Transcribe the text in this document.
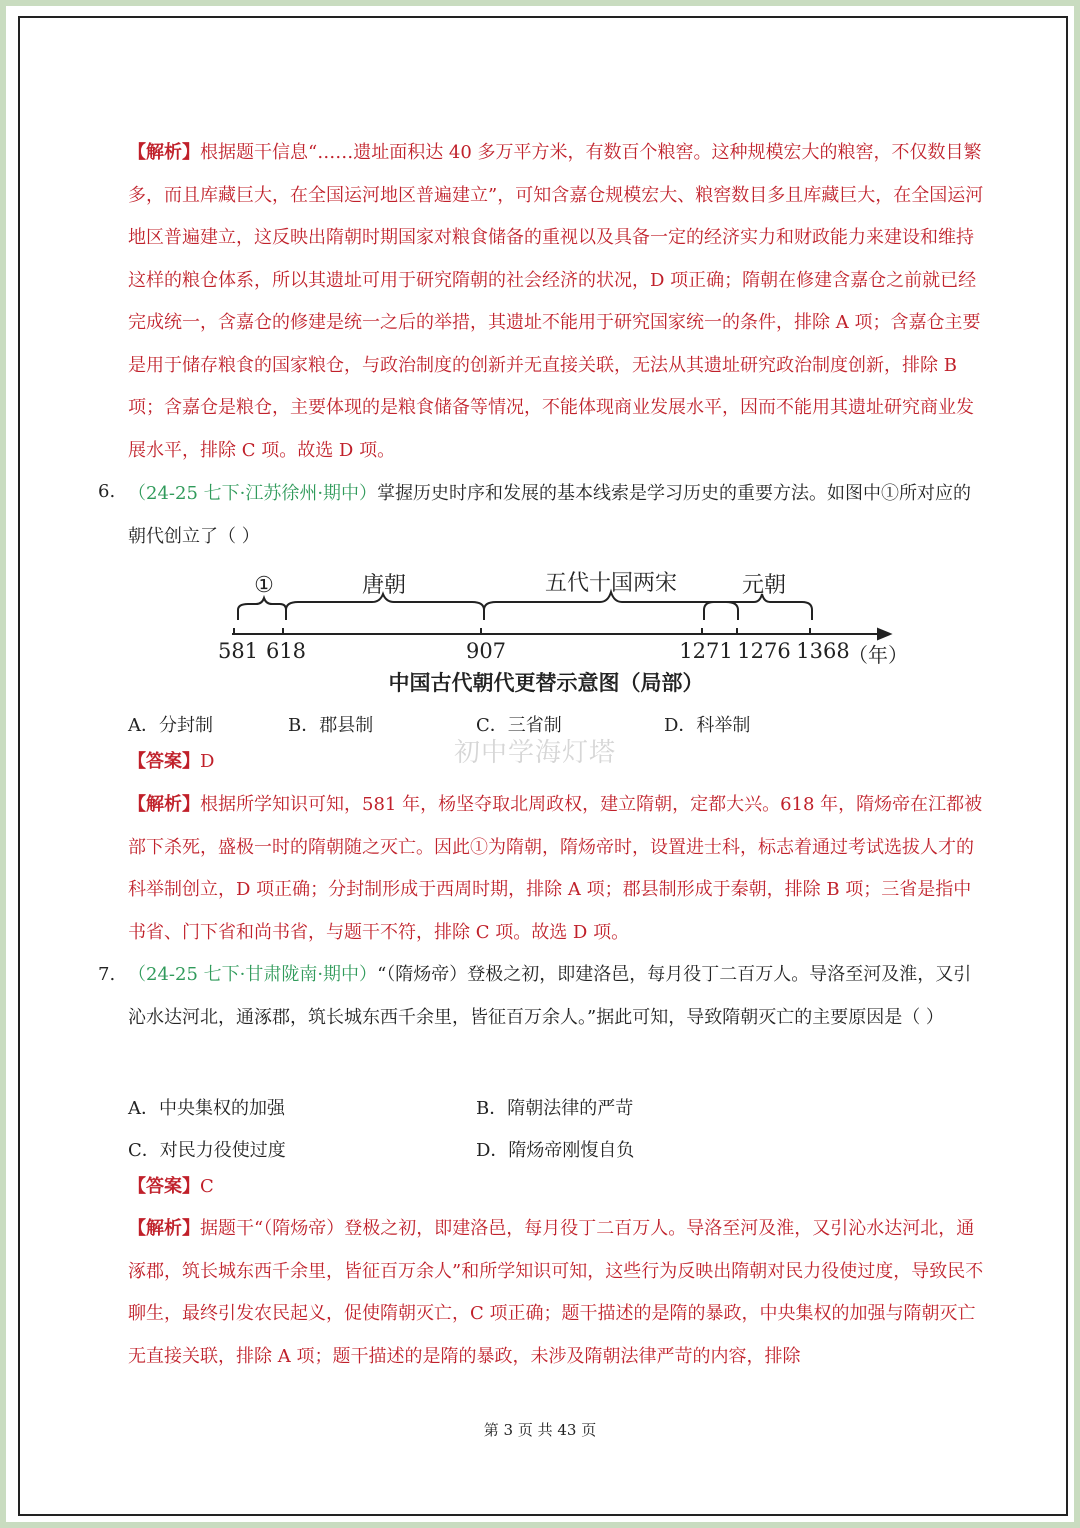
【解析】根据题干信息“……遗址面积达 40 多万平方米，有数百个粮窖。这种规模宏大的粮窖，不仅数目繁多，而且库藏巨大，在全国运河地区普遍建立”，可知含嘉仓规模宏大、粮窖数目多且库藏巨大，在全国运河地区普遍建立，这反映出隋朝时期国家对粮食储备的重视以及具备一定的经济实力和财政能力来建设和维持这样的粮仓体系，所以其遗址可用于研究隋朝的社会经济的状况，D 项正确；隋朝在修建含嘉仓之前就已经完成统一，含嘉仓的修建是统一之后的举措，其遗址不能用于研究国家统一的条件，排除 A 项；含嘉仓主要是用于储存粮食的国家粮仓，与政治制度的创新并无直接关联，无法从其遗址研究政治制度创新，排除 B 项；含嘉仓是粮仓，主要体现的是粮食储备等情况，不能体现商业发展水平，因而不能用其遗址研究商业发展水平，排除 C 项。故选 D 项。
6. （24-25 七下·江苏徐州·期中）掌握历史时序和发展的基本线索是学习历史的重要方法。如图中①所对应的朝代创立了（ ）
①	唐朝	五代十国两宋	元朝
581 618	907	1271 1276 1368
（年）
中国古代朝代更替示意图（局部）
A．分封制	B．郡县制	C．三省制	D．科举制
初中学海灯塔
【答案】D
【解析】根据所学知识可知，581 年，杨坚夺取北周政权，建立隋朝，定都大兴。618 年，隋炀帝在江都被部下杀死，盛极一时的隋朝随之灭亡。因此①为隋朝，隋炀帝时，设置进士科，标志着通过考试选拔人才的科举制创立，D 项正确；分封制形成于西周时期，排除 A 项；郡县制形成于秦朝，排除 B 项；三省是指中书省、门下省和尚书省，与题干不符，排除 C 项。故选 D 项。
7. （24-25 七下·甘肃陇南·期中）“（隋炀帝）登极之初，即建洛邑，每月役丁二百万人。导洛至河及淮，又引沁水达河北，通涿郡，筑长城东西千余里，皆征百万余人。”据此可知，导致隋朝灭亡的主要原因是（ ）
A．中央集权的加强	B．隋朝法律的严苛
C．对民力役使过度	D．隋炀帝刚愎自负
【答案】C
【解析】据题干“（隋炀帝）登极之初，即建洛邑，每月役丁二百万人。导洛至河及淮，又引沁水达河北，通涿郡，筑长城东西千余里，皆征百万余人”和所学知识可知，这些行为反映出隋朝对民力役使过度，导致民不聊生，最终引发农民起义，促使隋朝灭亡，C 项正确；题干描述的是隋的暴政，中央集权的加强与隋朝灭亡无直接关联，排除 A 项；题干描述的是隋的暴政，未涉及隋朝法律严苛的内容，排除
第 3 页 共 43 页
